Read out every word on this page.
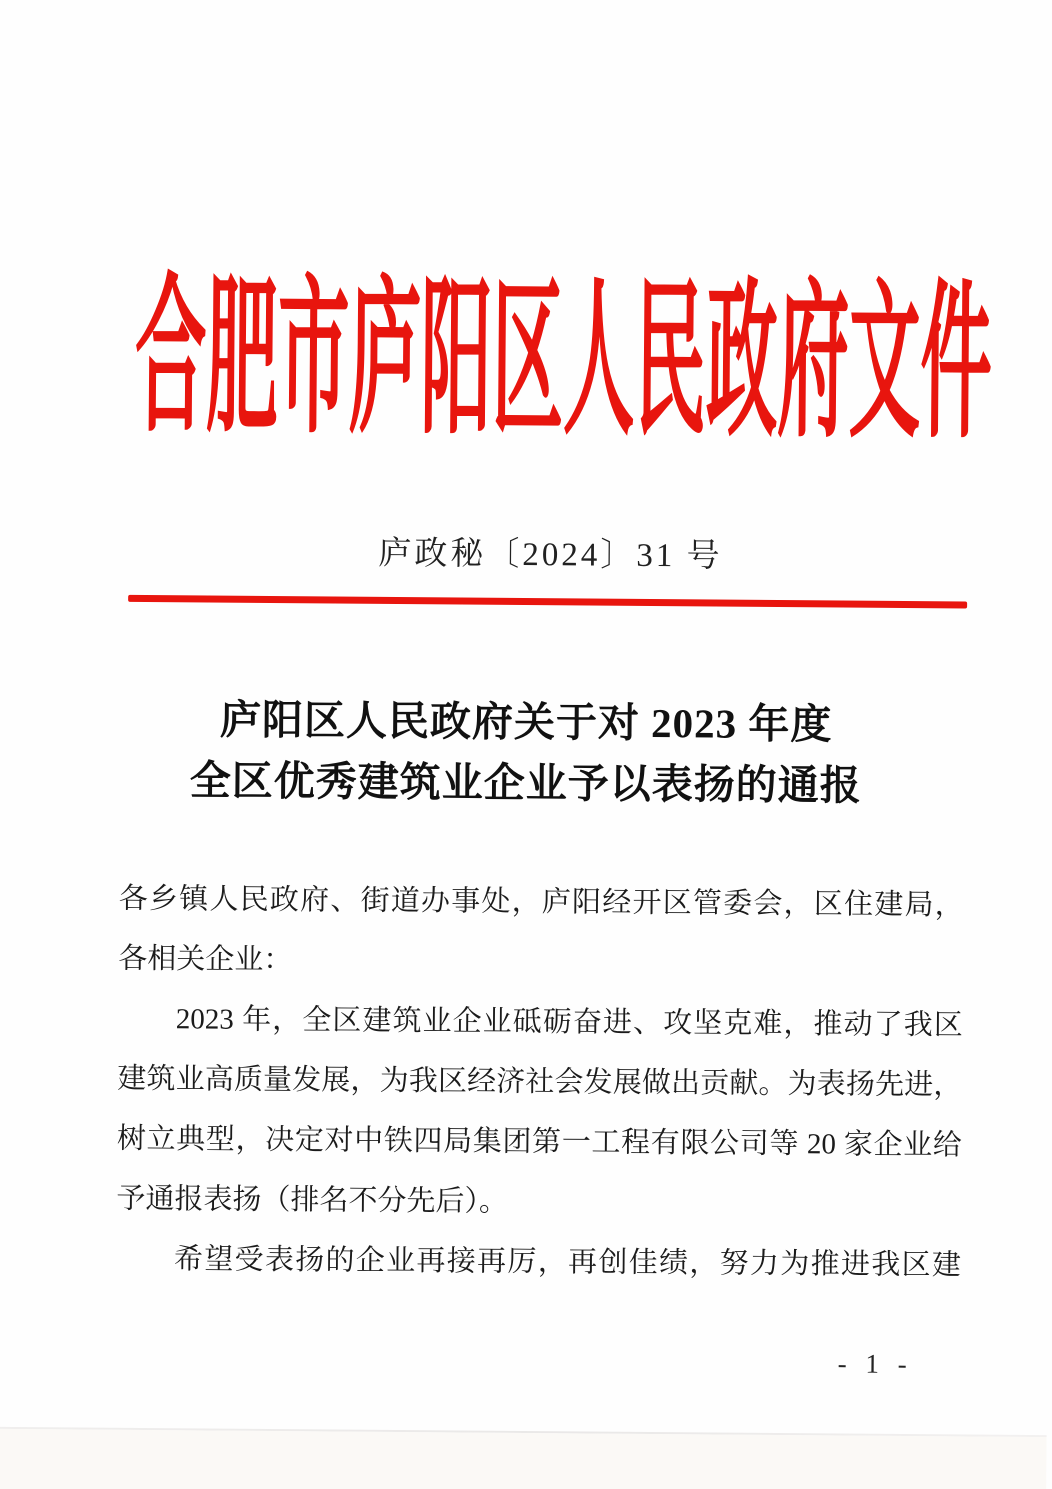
合肥市庐阳区人民政府文件
庐政秘〔2024〕31 号
庐阳区人民政府关于对 2023 年度
全区优秀建筑业企业予以表扬的通报
各乡镇人民政府、街道办事处，庐阳经开区管委会，区住建局，
各相关企业：
2023 年，全区建筑业企业砥砺奋进、攻坚克难，推动了我区
建筑业高质量发展，为我区经济社会发展做出贡献。为表扬先进，
树立典型，决定对中铁四局集团第一工程有限公司等 20 家企业给
予通报表扬（排名不分先后）。
希望受表扬的企业再接再厉，再创佳绩，努力为推进我区建
- 1 -
